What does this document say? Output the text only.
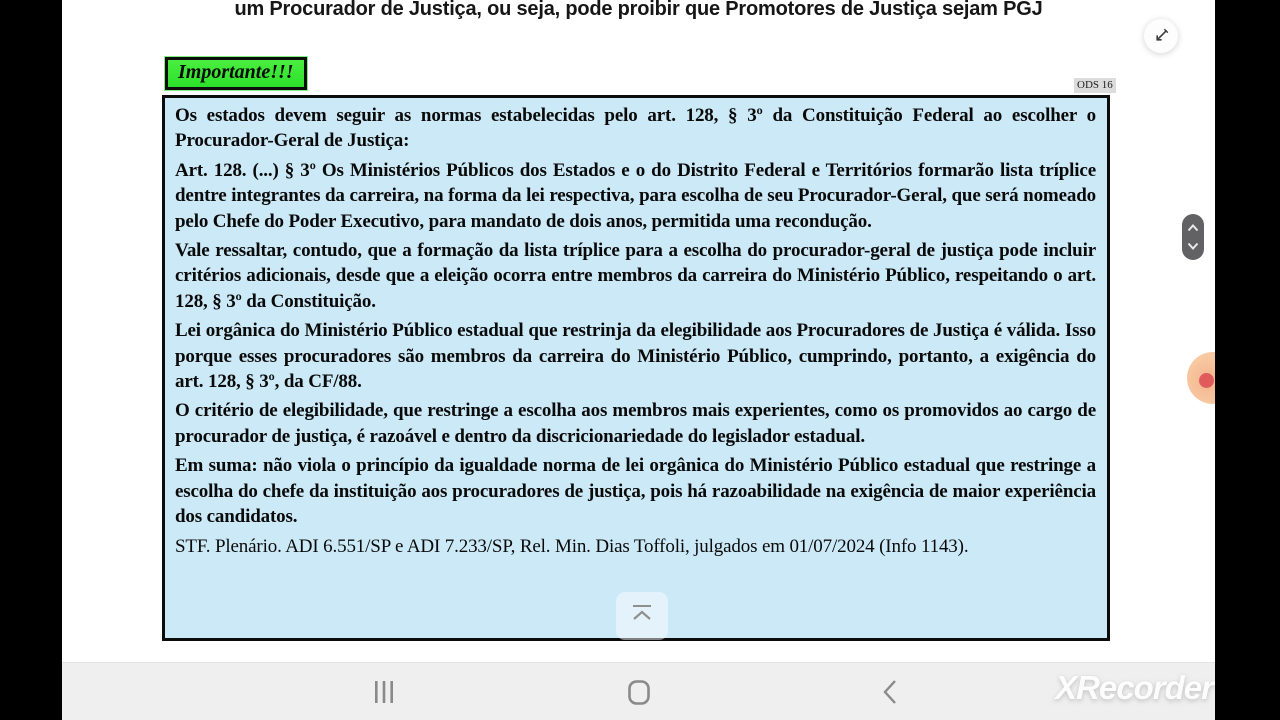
um Procurador de Justiça, ou seja, pode proibir que Promotores de Justiça sejam PGJ
Importante!!!
ODS 16

Os estados devem seguir as normas estabelecidas pelo art. 128, § 3º da Constituição Federal ao escolher o Procurador-Geral de Justiça:

Art. 128. (...) § 3º Os Ministérios Públicos dos Estados e o do Distrito Federal e Territórios formarão lista tríplice dentre integrantes da carreira, na forma da lei respectiva, para escolha de seu Procurador-Geral, que será nomeado pelo Chefe do Poder Executivo, para mandato de dois anos, permitida uma recondução.

Vale ressaltar, contudo, que a formação da lista tríplice para a escolha do procurador-geral de justiça pode incluir critérios adicionais, desde que a eleição ocorra entre membros da carreira do Ministério Público, respeitando o art. 128, § 3º da Constituição.

Lei orgânica do Ministério Público estadual que restrinja da elegibilidade aos Procuradores de Justiça é válida. Isso porque esses procuradores são membros da carreira do Ministério Público, cumprindo, portanto, a exigência do art. 128, § 3º, da CF/88.

O critério de elegibilidade, que restringe a escolha aos membros mais experientes, como os promovidos ao cargo de procurador de justiça, é razoável e dentro da discricionariedade do legislador estadual.

Em suma: não viola o princípio da igualdade norma de lei orgânica do Ministério Público estadual que restringe a escolha do chefe da instituição aos procuradores de justiça, pois há razoabilidade na exigência de maior experiência dos candidatos.

STF. Plenário. ADI 6.551/SP e ADI 7.233/SP, Rel. Min. Dias Toffoli, julgados em 01/07/2024 (Info 1143).

XRecorder
